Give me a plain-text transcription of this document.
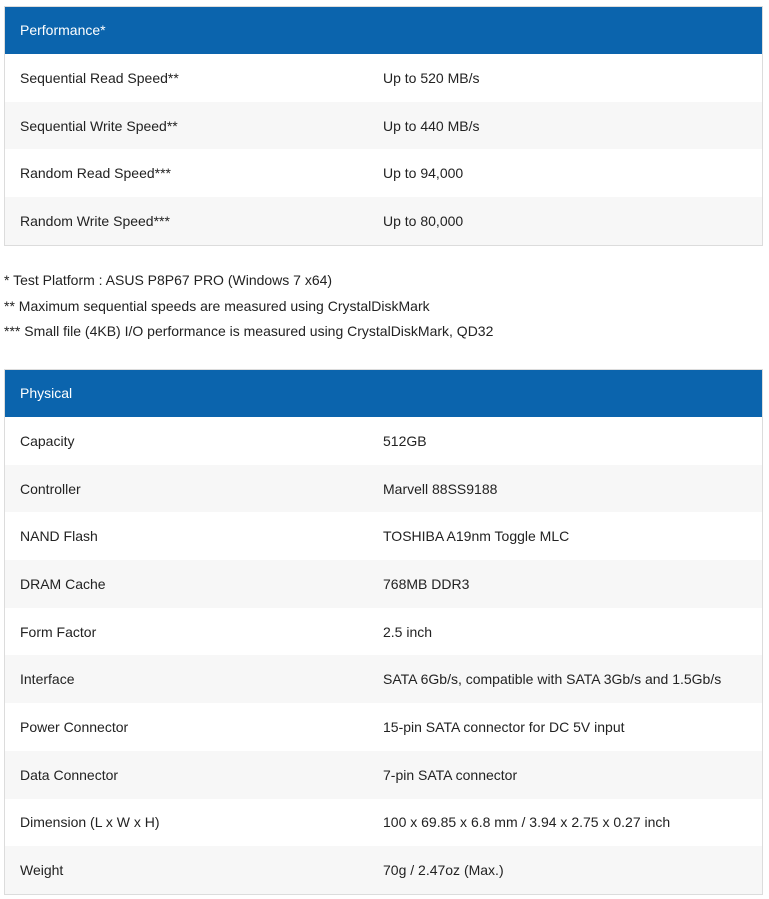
Performance*
Sequential Read Speed**	Up to 520 MB/s
Sequential Write Speed**	Up to 440 MB/s
Random Read Speed***	Up to 94,000
Random Write Speed***	Up to 80,000
* Test Platform : ASUS P8P67 PRO (Windows 7 x64)
** Maximum sequential speeds are measured using CrystalDiskMark
*** Small file (4KB) I/O performance is measured using CrystalDiskMark, QD32
Physical
Capacity	512GB
Controller	Marvell 88SS9188
NAND Flash	TOSHIBA A19nm Toggle MLC
DRAM Cache	768MB DDR3
Form Factor	2.5 inch
Interface	SATA 6Gb/s, compatible with SATA 3Gb/s and 1.5Gb/s
Power Connector	15-pin SATA connector for DC 5V input
Data Connector	7-pin SATA connector
Dimension (L x W x H)	100 x 69.85 x 6.8 mm / 3.94 x 2.75 x 0.27 inch
Weight	70g / 2.47oz (Max.)
